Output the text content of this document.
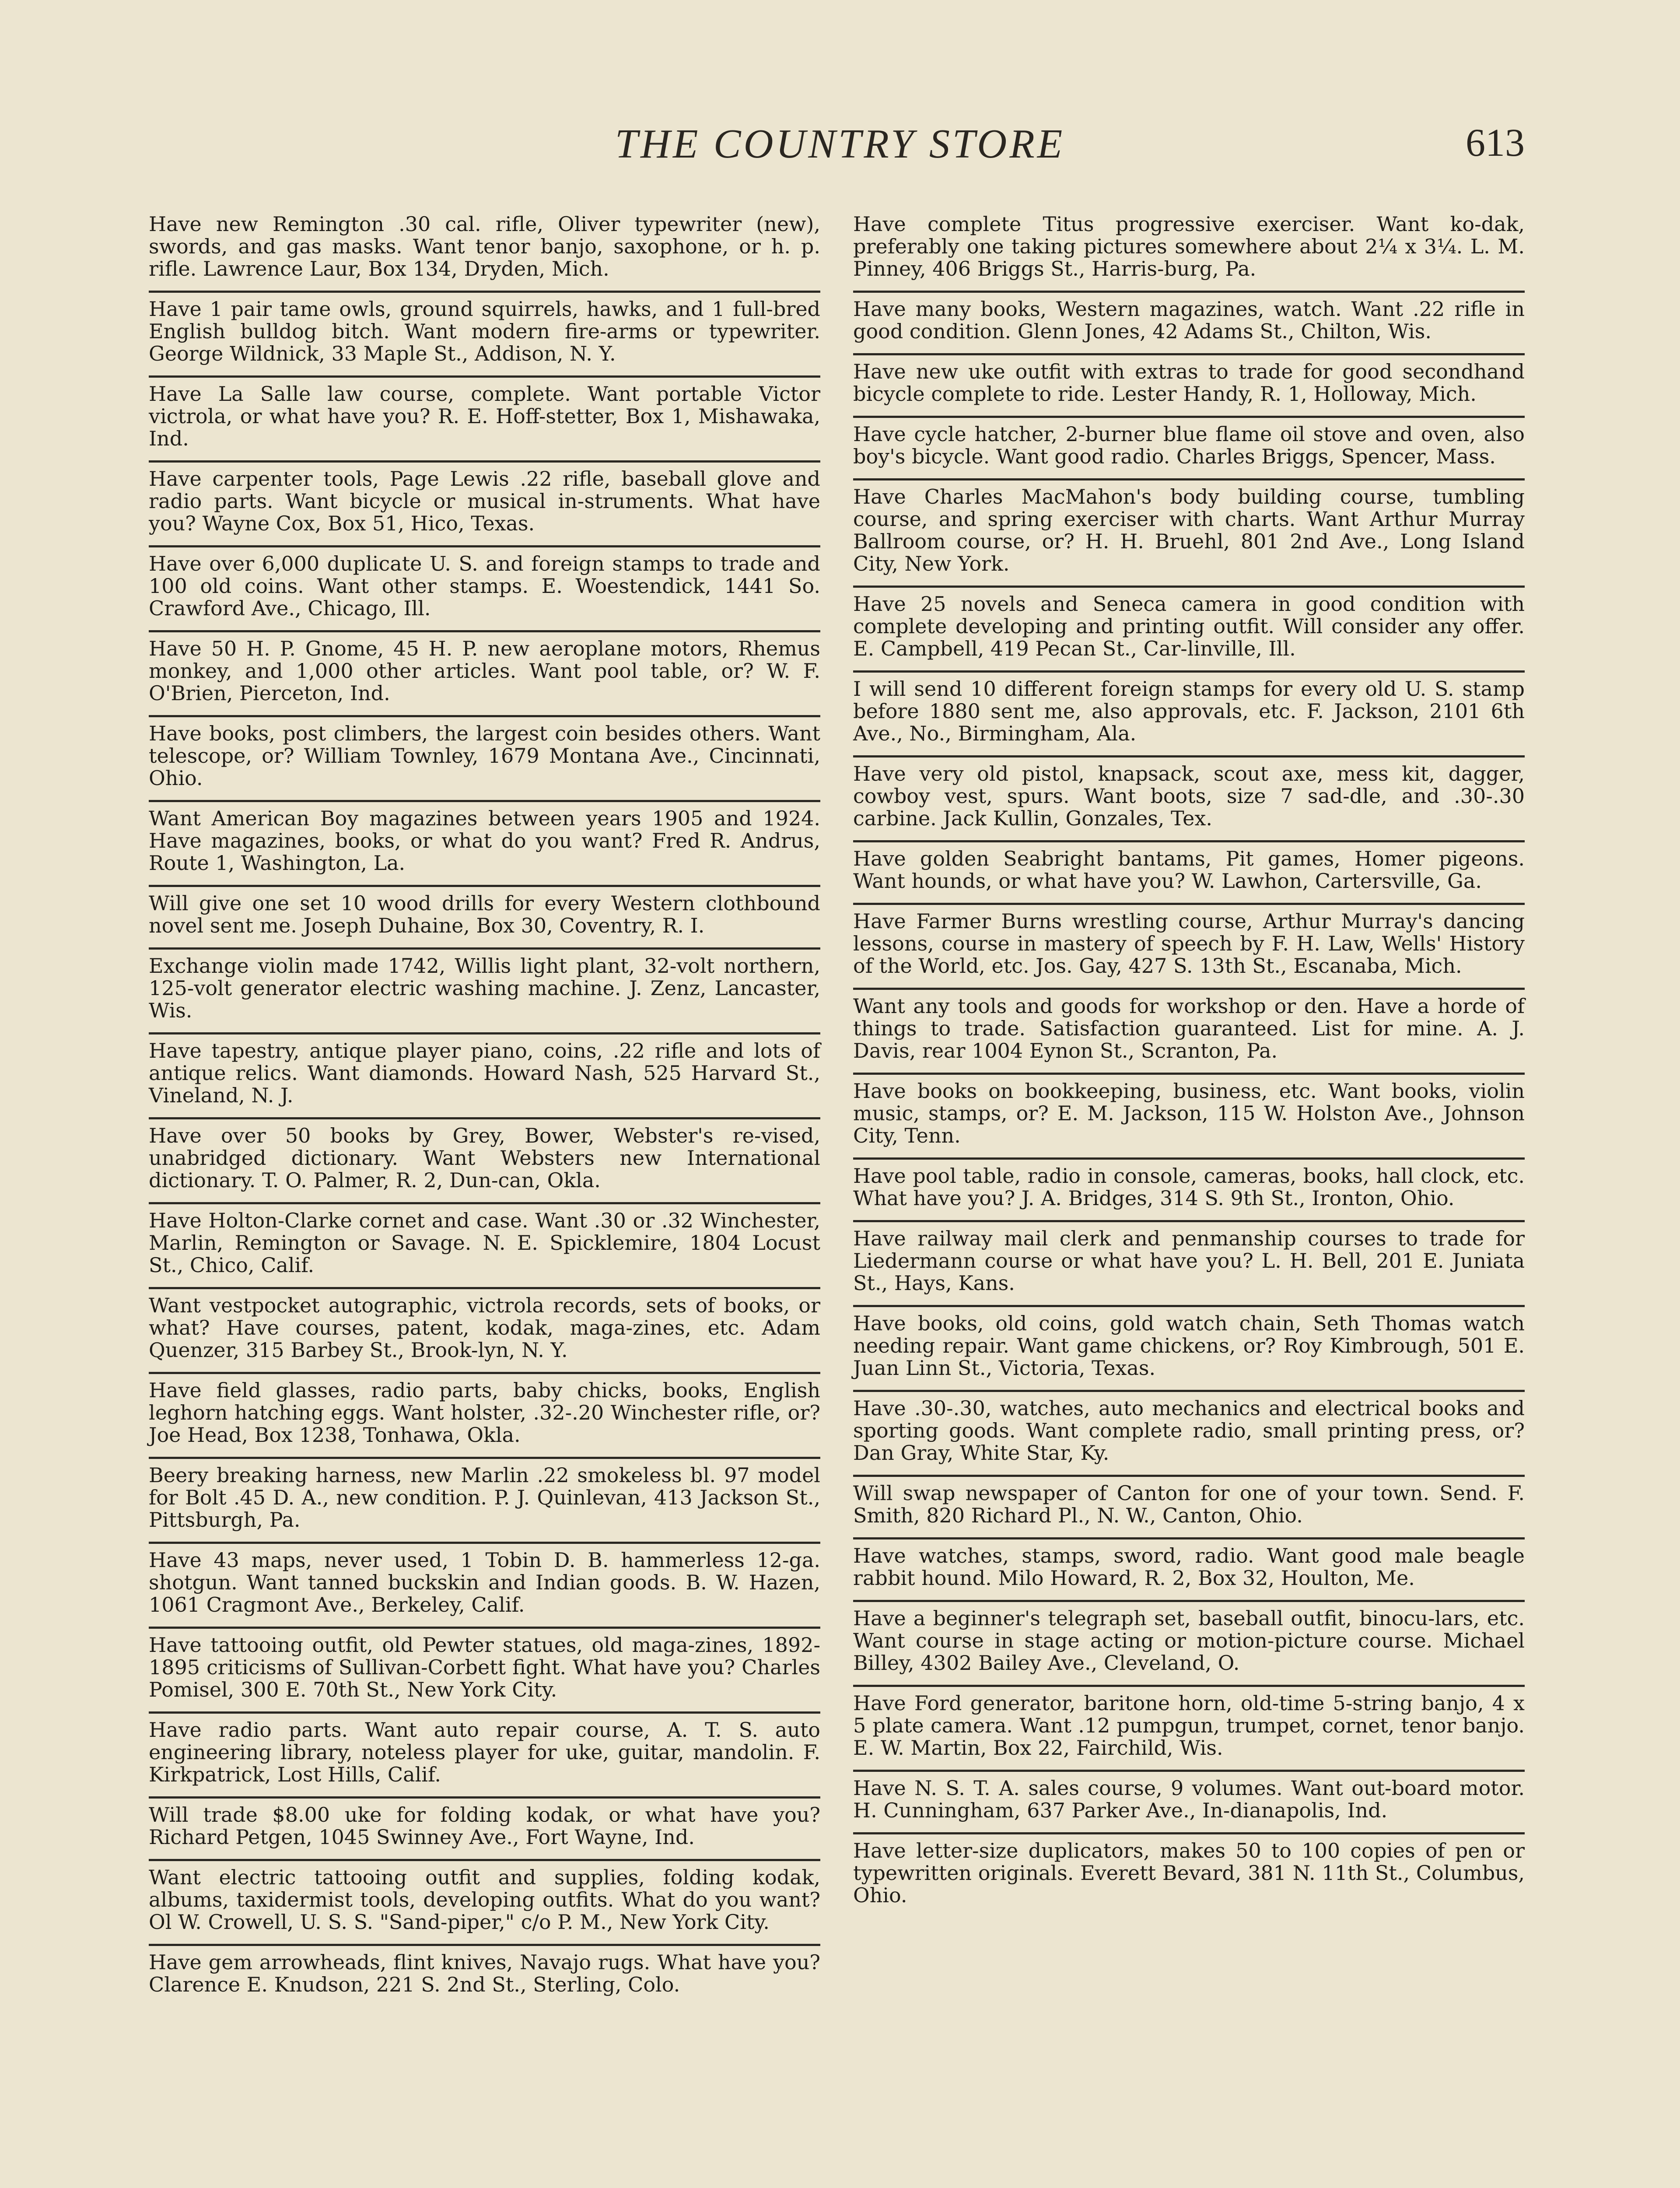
THE COUNTRY STORE	613

Have new Remington .30 cal. rifle, Oliver typewriter (new), swords, and gas masks. Want tenor banjo, saxophone, or h. p. rifle. Lawrence Laur, Box 134, Dryden, Mich.

Have 1 pair tame owls, ground squirrels, hawks, and 1 full-bred English bulldog bitch. Want modern fire-arms or typewriter. George Wildnick, 33 Maple St., Addison, N. Y.

Have La Salle law course, complete. Want portable Victor victrola, or what have you? R. E. Hoff-stetter, Box 1, Mishawaka, Ind.

Have carpenter tools, Page Lewis .22 rifle, baseball glove and radio parts. Want bicycle or musical in-struments. What have you? Wayne Cox, Box 51, Hico, Texas.

Have over 6,000 duplicate U. S. and foreign stamps to trade and 100 old coins. Want other stamps. E. Woestendick, 1441 So. Crawford Ave., Chicago, Ill.

Have 50 H. P. Gnome, 45 H. P. new aeroplane motors, Rhemus monkey, and 1,000 other articles. Want pool table, or? W. F. O'Brien, Pierceton, Ind.

Have books, post climbers, the largest coin besides others. Want telescope, or? William Townley, 1679 Montana Ave., Cincinnati, Ohio.

Want American Boy magazines between years 1905 and 1924. Have magazines, books, or what do you want? Fred R. Andrus, Route 1, Washington, La.

Will give one set 10 wood drills for every Western clothbound novel sent me. Joseph Duhaine, Box 30, Coventry, R. I.

Exchange violin made 1742, Willis light plant, 32-volt northern, 125-volt generator electric washing machine. J. Zenz, Lancaster, Wis.

Have tapestry, antique player piano, coins, .22 rifle and lots of antique relics. Want diamonds. Howard Nash, 525 Harvard St., Vineland, N. J.

Have over 50 books by Grey, Bower, Webster's re-vised, unabridged dictionary. Want Websters new International dictionary. T. O. Palmer, R. 2, Dun-can, Okla.

Have Holton-Clarke cornet and case. Want .30 or .32 Winchester, Marlin, Remington or Savage. N. E. Spicklemire, 1804 Locust St., Chico, Calif.

Want vestpocket autographic, victrola records, sets of books, or what? Have courses, patent, kodak, maga-zines, etc. Adam Quenzer, 315 Barbey St., Brook-lyn, N. Y.

Have field glasses, radio parts, baby chicks, books, English leghorn hatching eggs. Want holster, .32-.20 Winchester rifle, or? Joe Head, Box 1238, Tonhawa, Okla.

Beery breaking harness, new Marlin .22 smokeless bl. 97 model for Bolt .45 D. A., new condition. P. J. Quinlevan, 413 Jackson St., Pittsburgh, Pa.

Have 43 maps, never used, 1 Tobin D. B. hammerless 12-ga. shotgun. Want tanned buckskin and Indian goods. B. W. Hazen, 1061 Cragmont Ave., Berkeley, Calif.

Have tattooing outfit, old Pewter statues, old maga-zines, 1892-1895 criticisms of Sullivan-Corbett fight. What have you? Charles Pomisel, 300 E. 70th St., New York City.

Have radio parts. Want auto repair course, A. T. S. auto engineering library, noteless player for uke, guitar, mandolin. F. Kirkpatrick, Lost Hills, Calif.

Will trade $8.00 uke for folding kodak, or what have you? Richard Petgen, 1045 Swinney Ave., Fort Wayne, Ind.

Want electric tattooing outfit and supplies, folding kodak, albums, taxidermist tools, developing outfits. What do you want? Ol W. Crowell, U. S. S. "Sand-piper," c/o P. M., New York City.

Have gem arrowheads, flint knives, Navajo rugs. What have you? Clarence E. Knudson, 221 S. 2nd St., Sterling, Colo.

Have complete Titus progressive exerciser. Want ko-dak, preferably one taking pictures somewhere about 2¼ x 3¼. L. M. Pinney, 406 Briggs St., Harris-burg, Pa.

Have many books, Western magazines, watch. Want .22 rifle in good condition. Glenn Jones, 42 Adams St., Chilton, Wis.

Have new uke outfit with extras to trade for good secondhand bicycle complete to ride. Lester Handy, R. 1, Holloway, Mich.

Have cycle hatcher, 2-burner blue flame oil stove and oven, also boy's bicycle. Want good radio. Charles Briggs, Spencer, Mass.

Have Charles MacMahon's body building course, tumbling course, and spring exerciser with charts. Want Arthur Murray Ballroom course, or? H. H. Bruehl, 801 2nd Ave., Long Island City, New York.

Have 25 novels and Seneca camera in good condition with complete developing and printing outfit. Will consider any offer. E. Campbell, 419 Pecan St., Car-linville, Ill.

I will send 10 different foreign stamps for every old U. S. stamp before 1880 sent me, also approvals, etc. F. Jackson, 2101 6th Ave., No., Birmingham, Ala.

Have very old pistol, knapsack, scout axe, mess kit, dagger, cowboy vest, spurs. Want boots, size 7 sad-dle, and .30-.30 carbine. Jack Kullin, Gonzales, Tex.

Have golden Seabright bantams, Pit games, Homer pigeons. Want hounds, or what have you? W. Lawhon, Cartersville, Ga.

Have Farmer Burns wrestling course, Arthur Murray's dancing lessons, course in mastery of speech by F. H. Law, Wells' History of the World, etc. Jos. Gay, 427 S. 13th St., Escanaba, Mich.

Want any tools and goods for workshop or den. Have a horde of things to trade. Satisfaction guaranteed. List for mine. A. J. Davis, rear 1004 Eynon St., Scranton, Pa.

Have books on bookkeeping, business, etc. Want books, violin music, stamps, or? E. M. Jackson, 115 W. Holston Ave., Johnson City, Tenn.

Have pool table, radio in console, cameras, books, hall clock, etc. What have you? J. A. Bridges, 314 S. 9th St., Ironton, Ohio.

Have railway mail clerk and penmanship courses to trade for Liedermann course or what have you? L. H. Bell, 201 E. Juniata St., Hays, Kans.

Have books, old coins, gold watch chain, Seth Thomas watch needing repair. Want game chickens, or? Roy Kimbrough, 501 E. Juan Linn St., Victoria, Texas.

Have .30-.30, watches, auto mechanics and electrical books and sporting goods. Want complete radio, small printing press, or? Dan Gray, White Star, Ky.

Will swap newspaper of Canton for one of your town. Send. F. Smith, 820 Richard Pl., N. W., Canton, Ohio.

Have watches, stamps, sword, radio. Want good male beagle rabbit hound. Milo Howard, R. 2, Box 32, Houlton, Me.

Have a beginner's telegraph set, baseball outfit, binocu-lars, etc. Want course in stage acting or motion-picture course. Michael Billey, 4302 Bailey Ave., Cleveland, O.

Have Ford generator, baritone horn, old-time 5-string banjo, 4 x 5 plate camera. Want .12 pumpgun, trumpet, cornet, tenor banjo. E. W. Martin, Box 22, Fairchild, Wis.

Have N. S. T. A. sales course, 9 volumes. Want out-board motor. H. Cunningham, 637 Parker Ave., In-dianapolis, Ind.

Have letter-size duplicators, makes 50 to 100 copies of pen or typewritten originals. Everett Bevard, 381 N. 11th St., Columbus, Ohio.
